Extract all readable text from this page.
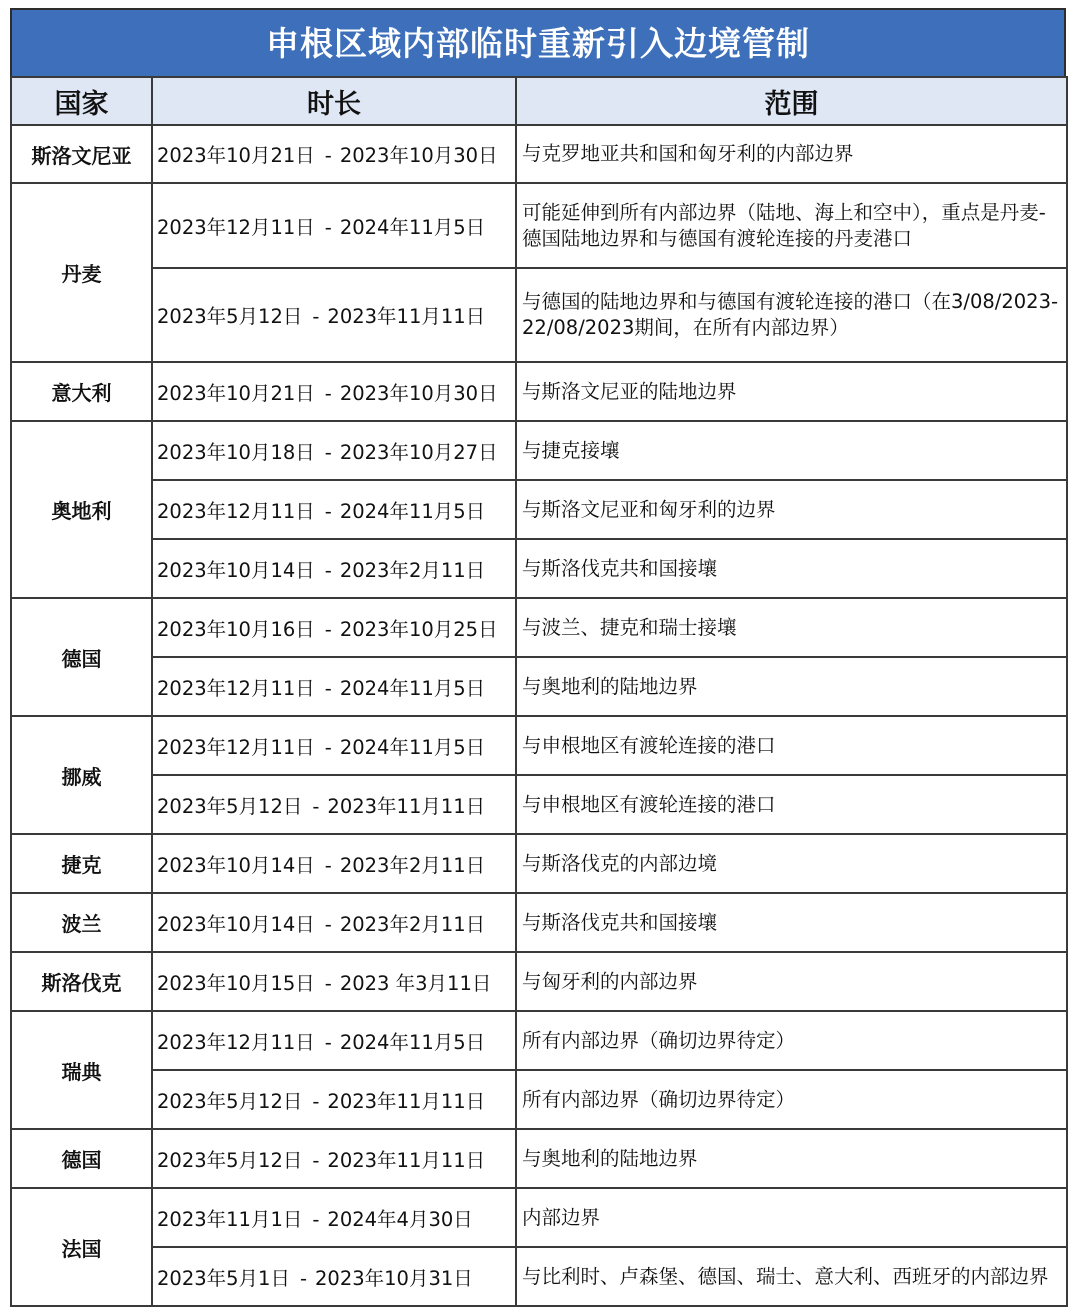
申根区域内部临时重新引入边境管制
国家	时长	范围
斯洛文尼亚	2023年10月21日 - 2023年10月30日	与克罗地亚共和国和匈牙利的内部边界
丹麦	2023年12月11日 - 2024年11月5日	可能延伸到所有内部边界（陆地、海上和空中），重点是丹麦-德国陆地边界和与德国有渡轮连接的丹麦港口
	2023年5月12日 - 2023年11月11日	与德国的陆地边界和与德国有渡轮连接的港口（在3/08/2023-22/08/2023期间，在所有内部边界）
意大利	2023年10月21日 - 2023年10月30日	与斯洛文尼亚的陆地边界
奥地利	2023年10月18日 - 2023年10月27日	与捷克接壤
	2023年12月11日 - 2024年11月5日	与斯洛文尼亚和匈牙利的边界
	2023年10月14日 - 2023年2月11日	与斯洛伐克共和国接壤
德国	2023年10月16日 - 2023年10月25日	与波兰、捷克和瑞士接壤
	2023年12月11日 - 2024年11月5日	与奥地利的陆地边界
挪威	2023年12月11日 - 2024年11月5日	与申根地区有渡轮连接的港口
	2023年5月12日 - 2023年11月11日	与申根地区有渡轮连接的港口
捷克	2023年10月14日 - 2023年2月11日	与斯洛伐克的内部边境
波兰	2023年10月14日 - 2023年2月11日	与斯洛伐克共和国接壤
斯洛伐克	2023年10月15日 - 2023 年3月11日	与匈牙利的内部边界
瑞典	2023年12月11日 - 2024年11月5日	所有内部边界（确切边界待定）
	2023年5月12日 - 2023年11月11日	所有内部边界（确切边界待定）
德国	2023年5月12日 - 2023年11月11日	与奥地利的陆地边界
法国	2023年11月1日 - 2024年4月30日	内部边界
	2023年5月1日 - 2023年10月31日	与比利时、卢森堡、德国、瑞士、意大利、西班牙的内部边界
